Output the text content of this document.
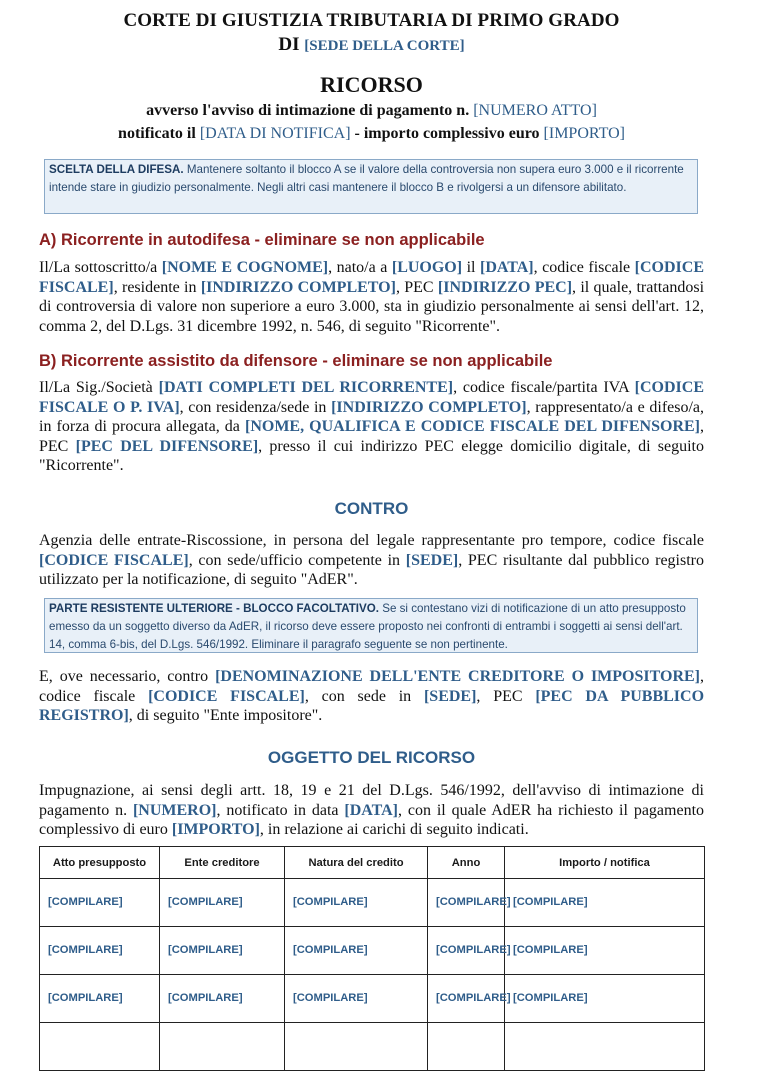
CORTE DI GIUSTIZIA TRIBUTARIA DI PRIMO GRADO
DI [SEDE DELLA CORTE]
RICORSO
avverso l'avviso di intimazione di pagamento n. [NUMERO ATTO]
notificato il [DATA DI NOTIFICA] - importo complessivo euro [IMPORTO]
SCELTA DELLA DIFESA. Mantenere soltanto il blocco A se il valore della controversia non supera euro 3.000 e il ricorrente intende stare in giudizio personalmente. Negli altri casi mantenere il blocco B e rivolgersi a un difensore abilitato.
A) Ricorrente in autodifesa - eliminare se non applicabile
Il/La sottoscritto/a [NOME E COGNOME], nato/a a [LUOGO] il [DATA], codice fiscale [CODICE FISCALE], residente in [INDIRIZZO COMPLETO], PEC [INDIRIZZO PEC], il quale, trattandosi di controversia di valore non superiore a euro 3.000, sta in giudizio personalmente ai sensi dell'art. 12, comma 2, del D.Lgs. 31 dicembre 1992, n. 546, di seguito "Ricorrente".
B) Ricorrente assistito da difensore - eliminare se non applicabile
Il/La Sig./Società [DATI COMPLETI DEL RICORRENTE], codice fiscale/partita IVA [CODICE FISCALE O P. IVA], con residenza/sede in [INDIRIZZO COMPLETO], rappresentato/a e difeso/a, in forza di procura allegata, da [NOME, QUALIFICA E CODICE FISCALE DEL DIFENSORE], PEC [PEC DEL DIFENSORE], presso il cui indirizzo PEC elegge domicilio digitale, di seguito "Ricorrente".
CONTRO
Agenzia delle entrate-Riscossione, in persona del legale rappresentante pro tempore, codice fiscale [CODICE FISCALE], con sede/ufficio competente in [SEDE], PEC risultante dal pubblico registro utilizzato per la notificazione, di seguito "AdER".
PARTE RESISTENTE ULTERIORE - BLOCCO FACOLTATIVO. Se si contestano vizi di notificazione di un atto presupposto emesso da un soggetto diverso da AdER, il ricorso deve essere proposto nei confronti di entrambi i soggetti ai sensi dell'art. 14, comma 6-bis, del D.Lgs. 546/1992. Eliminare il paragrafo seguente se non pertinente.
E, ove necessario, contro [DENOMINAZIONE DELL'ENTE CREDITORE O IMPOSITORE], codice fiscale [CODICE FISCALE], con sede in [SEDE], PEC [PEC DA PUBBLICO REGISTRO], di seguito "Ente impositore".
OGGETTO DEL RICORSO
Impugnazione, ai sensi degli artt. 18, 19 e 21 del D.Lgs. 546/1992, dell'avviso di intimazione di pagamento n. [NUMERO], notificato in data [DATA], con il quale AdER ha richiesto il pagamento complessivo di euro [IMPORTO], in relazione ai carichi di seguito indicati.
Atto presupposto	Ente creditore	Natura del credito	Anno	Importo / notifica
[COMPILARE]	[COMPILARE]	[COMPILARE]	[COMPILARE]	[COMPILARE]
[COMPILARE]	[COMPILARE]	[COMPILARE]	[COMPILARE]	[COMPILARE]
[COMPILARE]	[COMPILARE]	[COMPILARE]	[COMPILARE]	[COMPILARE]
